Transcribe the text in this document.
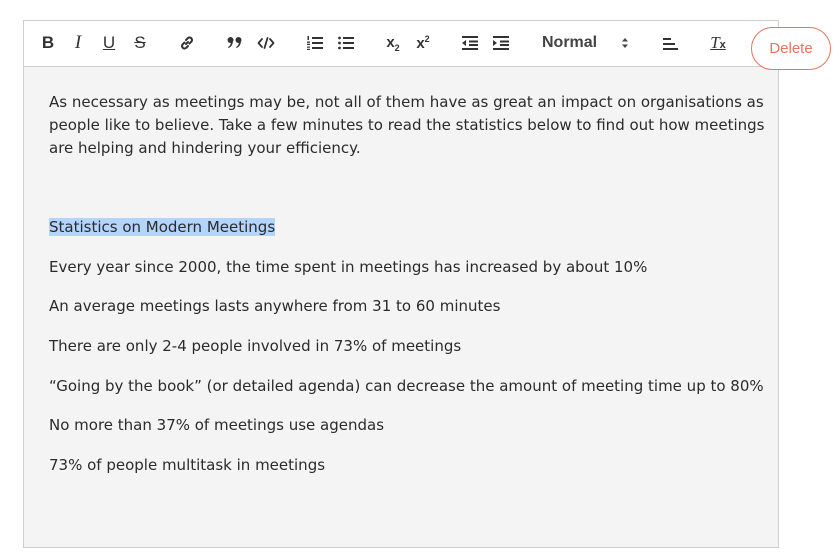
B I U S	$x_2$ $x^2$	Normal	Tx

As necessary as meetings may be, not all of them have as great an impact on organisations as people like to believe. Take a few minutes to read the statistics below to find out how meetings are helping and hindering your efficiency.

Statistics on Modern Meetings

Every year since 2000, the time spent in meetings has increased by about 10%

An average meetings lasts anywhere from 31 to 60 minutes

There are only 2-4 people involved in 73% of meetings

“Going by the book” (or detailed agenda) can decrease the amount of meeting time up to 80%

No more than 37% of meetings use agendas

73% of people multitask in meetings

Delete
